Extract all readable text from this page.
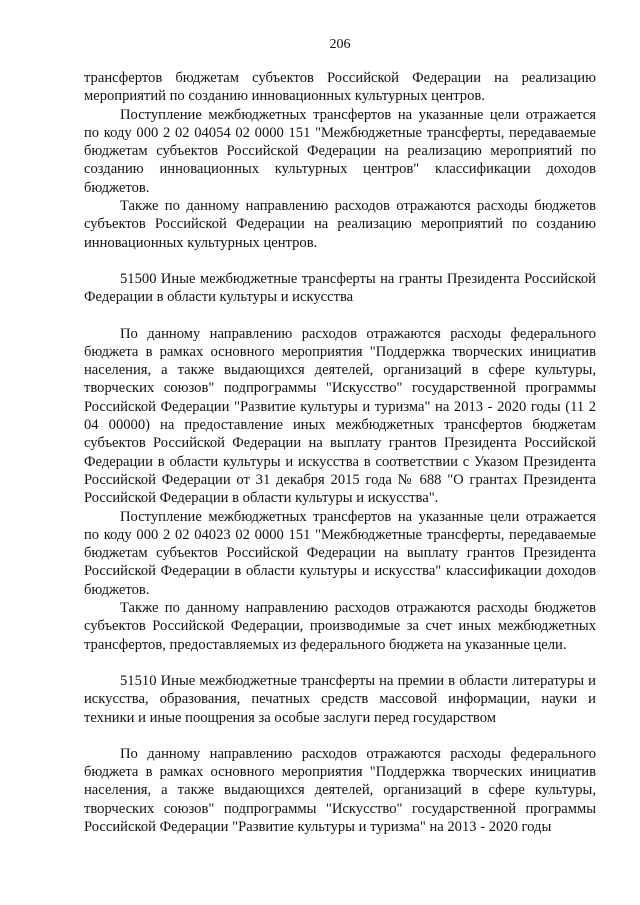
206

трансфертов бюджетам субъектов Российской Федерации на реализацию мероприятий по созданию инновационных культурных центров.

Поступление межбюджетных трансфертов на указанные цели отражается по коду 000 2 02 04054 02 0000 151 "Межбюджетные трансферты, передаваемые бюджетам субъектов Российской Федерации на реализацию мероприятий по созданию инновационных культурных центров" классификации доходов бюджетов.

Также по данному направлению расходов отражаются расходы бюджетов субъектов Российской Федерации на реализацию мероприятий по созданию инновационных культурных центров.

51500 Иные межбюджетные трансферты на гранты Президента Российской Федерации в области культуры и искусства

По данному направлению расходов отражаются расходы федерального бюджета в рамках основного мероприятия "Поддержка творческих инициатив населения, а также выдающихся деятелей, организаций в сфере культуры, творческих союзов" подпрограммы "Искусство" государственной программы Российской Федерации "Развитие культуры и туризма" на 2013 - 2020 годы (11 2 04 00000) на предоставление иных межбюджетных трансфертов бюджетам субъектов Российской Федерации на выплату грантов Президента Российской Федерации в области культуры и искусства в соответствии с Указом Президента Российской Федерации от 31 декабря 2015 года № 688 "О грантах Президента Российской Федерации в области культуры и искусства".

Поступление межбюджетных трансфертов на указанные цели отражается по коду 000 2 02 04023 02 0000 151 "Межбюджетные трансферты, передаваемые бюджетам субъектов Российской Федерации на выплату грантов Президента Российской Федерации в области культуры и искусства" классификации доходов бюджетов.

Также по данному направлению расходов отражаются расходы бюджетов субъектов Российской Федерации, производимые за счет иных межбюджетных трансфертов, предоставляемых из федерального бюджета на указанные цели.

51510 Иные межбюджетные трансферты на премии в области литературы и искусства, образования, печатных средств массовой информации, науки и техники и иные поощрения за особые заслуги перед государством

По данному направлению расходов отражаются расходы федерального бюджета в рамках основного мероприятия "Поддержка творческих инициатив населения, а также выдающихся деятелей, организаций в сфере культуры, творческих союзов" подпрограммы "Искусство" государственной программы Российской Федерации "Развитие культуры и туризма" на 2013 - 2020 годы
